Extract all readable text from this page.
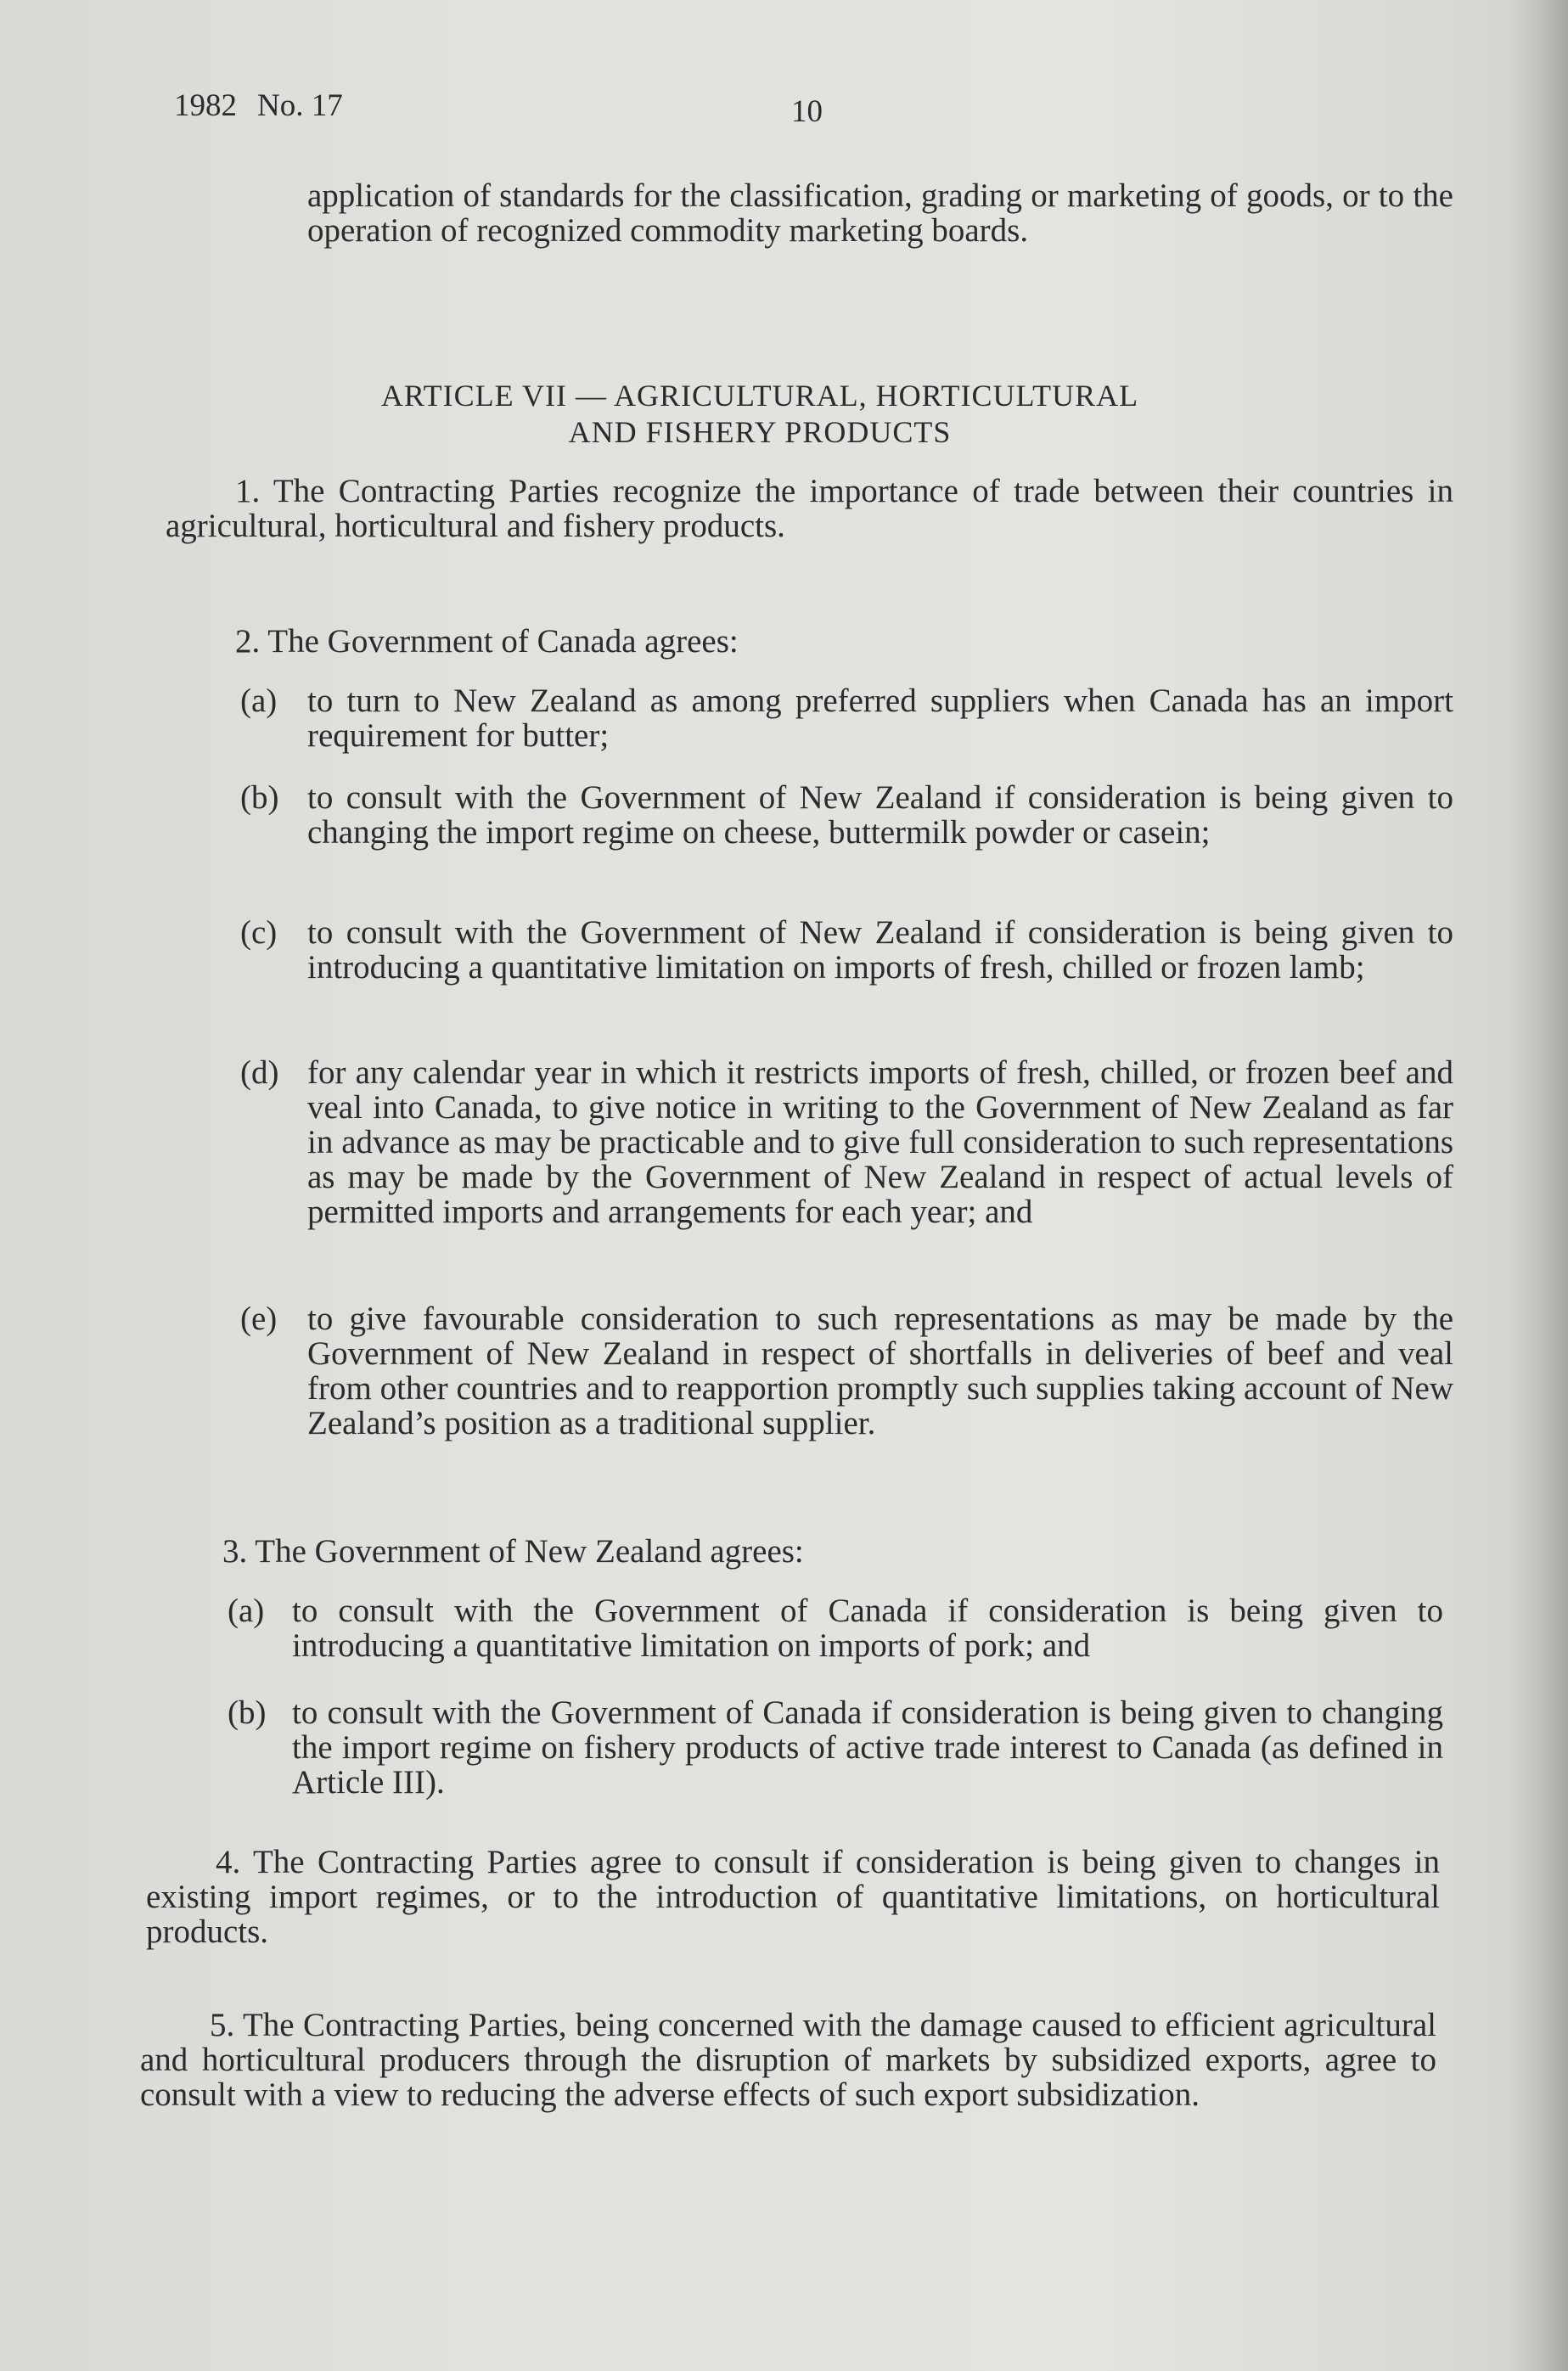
1982 No. 17	10

application of standards for the classification, grading or marketing of goods, or to the operation of recognized commodity marketing boards.

ARTICLE VII — AGRICULTURAL, HORTICULTURAL
AND FISHERY PRODUCTS

1. The Contracting Parties recognize the importance of trade between their countries in agricultural, horticultural and fishery products.

2. The Government of Canada agrees:

(a) to turn to New Zealand as among preferred suppliers when Canada has an import requirement for butter;

(b) to consult with the Government of New Zealand if consideration is being given to changing the import regime on cheese, buttermilk powder or casein;

(c) to consult with the Government of New Zealand if consideration is being given to introducing a quantitative limitation on imports of fresh, chilled or frozen lamb;

(d) for any calendar year in which it restricts imports of fresh, chilled, or frozen beef and veal into Canada, to give notice in writing to the Government of New Zealand as far in advance as may be practicable and to give full consideration to such representations as may be made by the Government of New Zealand in respect of actual levels of permitted imports and arrangements for each year; and

(e) to give favourable consideration to such representations as may be made by the Government of New Zealand in respect of shortfalls in deliveries of beef and veal from other countries and to reapportion promptly such supplies taking account of New Zealand’s position as a traditional supplier.

3. The Government of New Zealand agrees:

(a) to consult with the Government of Canada if consideration is being given to introducing a quantitative limitation on imports of pork; and

(b) to consult with the Government of Canada if consideration is being given to changing the import regime on fishery products of active trade interest to Canada (as defined in Article III).

4. The Contracting Parties agree to consult if consideration is being given to changes in existing import regimes, or to the introduction of quantitative limitations, on horticultural products.

5. The Contracting Parties, being concerned with the damage caused to efficient agricultural and horticultural producers through the disruption of markets by subsidized exports, agree to consult with a view to reducing the adverse effects of such export subsidization.
